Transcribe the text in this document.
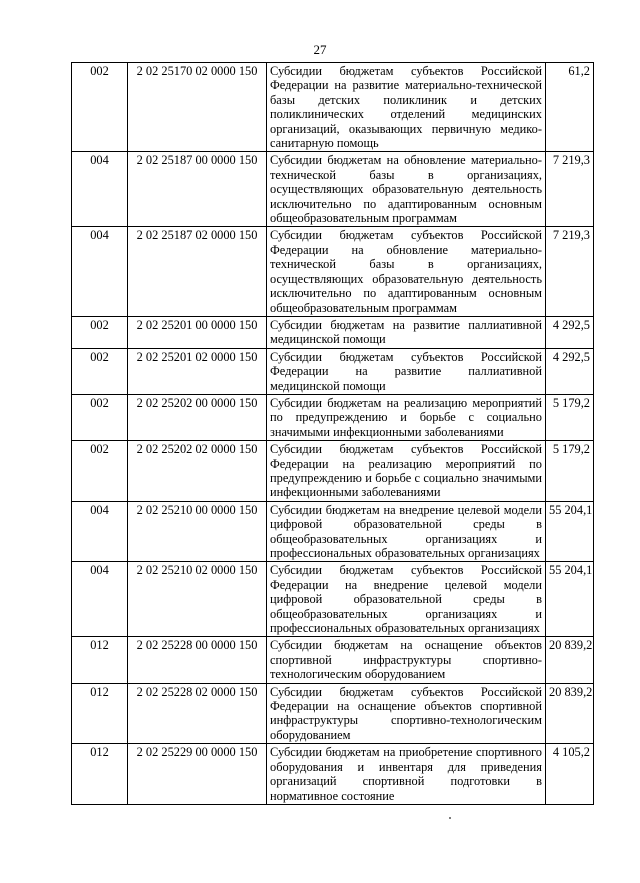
27
002	2 02 25170 02 0000 150	Субсидии бюджетам субъектов Российской Федерации на развитие материально-технической базы детских поликлиник и детских поликлинических отделений медицинских организаций, оказывающих первичную медико-санитарную помощь	61,2
004	2 02 25187 00 0000 150	Субсидии бюджетам на обновление материально-технической базы в организациях, осуществляющих образовательную деятельность исключительно по адаптированным основным общеобразовательным программам	7 219,3
004	2 02 25187 02 0000 150	Субсидии бюджетам субъектов Российской Федерации на обновление материально-технической базы в организациях, осуществляющих образовательную деятельность исключительно по адаптированным основным общеобразовательным программам	7 219,3
002	2 02 25201 00 0000 150	Субсидии бюджетам на развитие паллиативной медицинской помощи	4 292,5
002	2 02 25201 02 0000 150	Субсидии бюджетам субъектов Российской Федерации на развитие паллиативной медицинской помощи	4 292,5
002	2 02 25202 00 0000 150	Субсидии бюджетам на реализацию мероприятий по предупреждению и борьбе с социально значимыми инфекционными заболеваниями	5 179,2
002	2 02 25202 02 0000 150	Субсидии бюджетам субъектов Российской Федерации на реализацию мероприятий по предупреждению и борьбе с социально значимыми инфекционными заболеваниями	5 179,2
004	2 02 25210 00 0000 150	Субсидии бюджетам на внедрение целевой модели цифровой образовательной среды в общеобразовательных организациях и профессиональных образовательных организациях	55 204,1
004	2 02 25210 02 0000 150	Субсидии бюджетам субъектов Российской Федерации на внедрение целевой модели цифровой образовательной среды в общеобразовательных организациях и профессиональных образовательных организациях	55 204,1
012	2 02 25228 00 0000 150	Субсидии бюджетам на оснащение объектов спортивной инфраструктуры спортивно-технологическим оборудованием	20 839,2
012	2 02 25228 02 0000 150	Субсидии бюджетам субъектов Российской Федерации на оснащение объектов спортивной инфраструктуры спортивно-технологическим оборудованием	20 839,2
012	2 02 25229 00 0000 150	Субсидии бюджетам на приобретение спортивного оборудования и инвентаря для приведения организаций спортивной подготовки в нормативное состояние	4 105,2
